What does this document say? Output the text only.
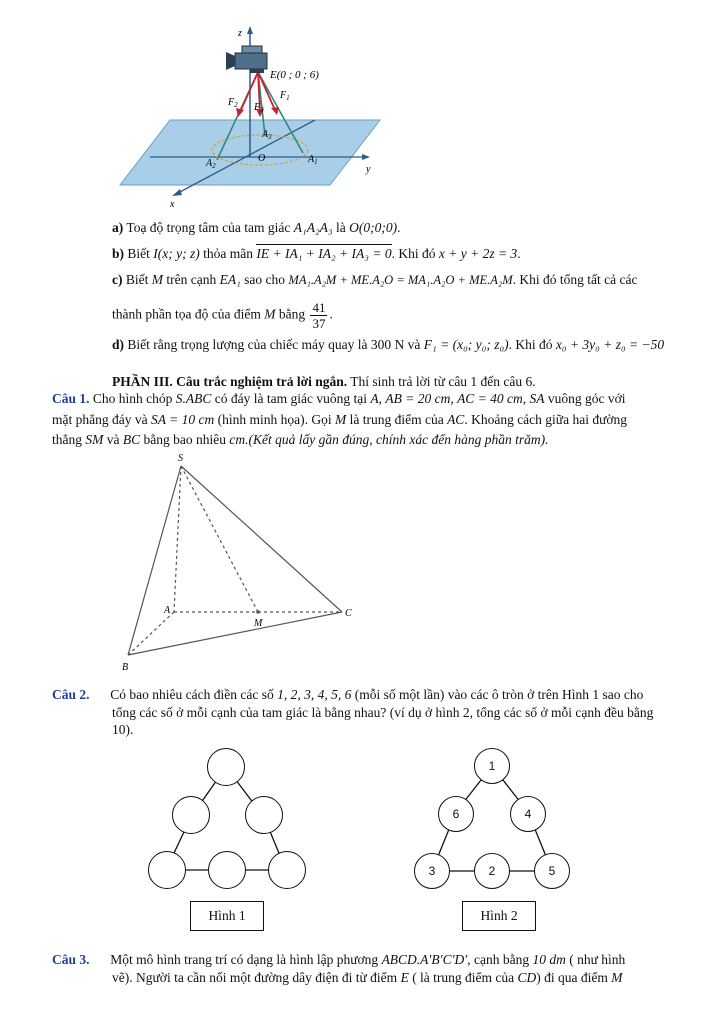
z
y
x
E(0 ; 0 ; 6)
$F_2$ $F_3$
$F_1$
$A_3$
$A_2$
$A_1$
O
a) Toạ độ trọng tâm của tam giác A₁A₂A₃ là O(0;0;0).
b) Biết I(x; y; z) thỏa mãn IE + IA₁ + IA₂ + IA₃ = 0. Khi đó x + y + 2z = 3.
c) Biết M trên cạnh EA₁ sao cho MA₁.A₂M + ME.A₂O = MA₁.A₂O + ME.A₂M. Khi đó tổng tất cả các
thành phần tọa độ của điểm M bằng $\frac{41}{37}$ .
d) Biết rằng trọng lượng của chiếc máy quay là 300 N và F₁ = (x₀; y₀; z₀). Khi đó x₀ + 3y₀ + z₀ = −50
PHẦN III. Câu trắc nghiệm trả lời ngắn. Thí sinh trả lời từ câu 1 đến câu 6.
Câu 1. Cho hình chóp S.ABC có đáy là tam giác vuông tại A, AB = 20 cm, AC = 40 cm, SA vuông góc với
mặt phẳng đáy và SA = 10 cm (hình minh họa). Gọi M là trung điểm của AC. Khoảng cách giữa hai đường
thẳng SM và BC bằng bao nhiêu cm.(Kết quả lấy gần đúng, chính xác đến hàng phần trăm).
S
A
M
C
B
Câu 2. Có bao nhiêu cách điền các số 1, 2, 3, 4, 5, 6 (mỗi số một lần) vào các ô tròn ở trên Hình 1 sao cho
tổng các số ở mỗi cạnh của tam giác là bằng nhau? (ví dụ ở hình 2, tổng các số ở mỗi cạnh đều bằng
10).
Hình 1
1
6	4
3	2	5
Hình 2
Câu 3. Một mô hình trang trí có dạng là hình lập phương ABCD.A′B′C′D′, cạnh bằng 10 dm ( như hình
vẽ). Người ta cần nối một đường dây điện đi từ điểm E ( là trung điểm của CD) đi qua điểm M
